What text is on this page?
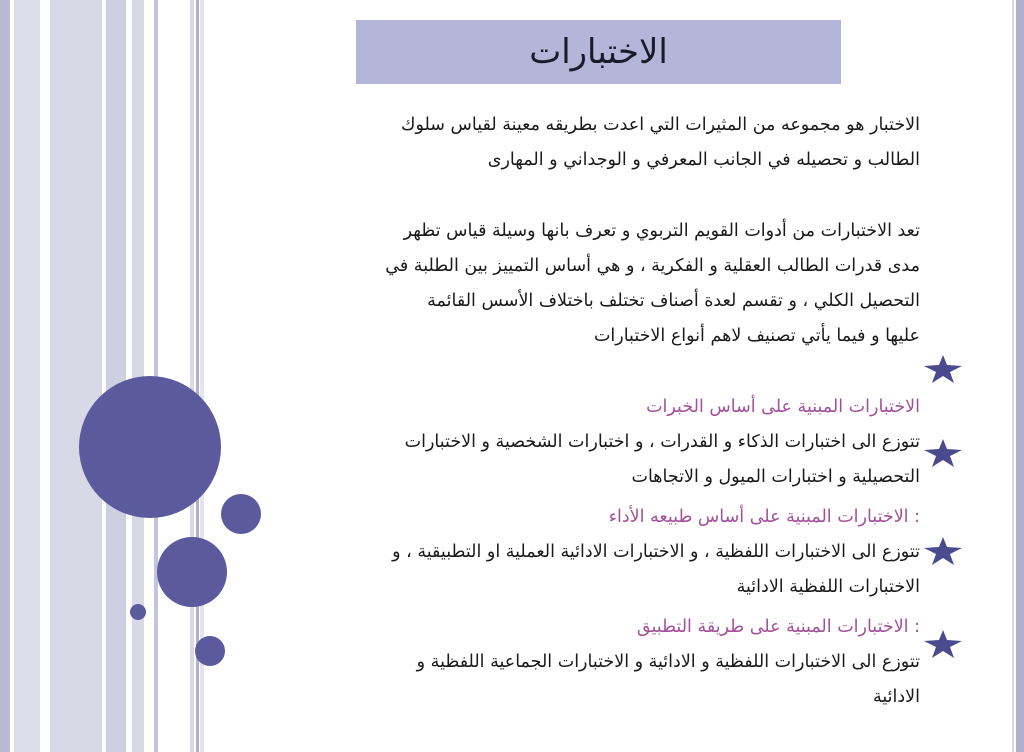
الاختبارات

الاختبار هو مجموعه من المثيرات التي اعدت بطريقه معينة لقياس سلوك

الطالب و تحصيله في الجانب المعرفي و الوجداني و المهارى

تعد الاختبارات من أدوات القويم التربوي و تعرف بانها وسيلة قياس تظهر

مدى قدرات الطالب العقلية و الفكرية ، و هي أساس التمييز بين الطلبة في

التحصيل الكلي ، و تقسم لعدة أصناف تختلف باختلاف الأسس القائمة

عليها و فيما يأتي تصنيف لاهم أنواع الاختبارات

الاختبارات المبنية على أساس الخبرات

تتوزع الى اختبارات الذكاء و القدرات ، و اختبارات الشخصية و الاختبارات

التحصيلية و اختبارات الميول و الاتجاهات

: الاختبارات المبنية على أساس طبيعه الأداء

تتوزع الى الاختبارات اللفظية ، و الاختبارات الادائية العملية او التطبيقية ، و

الاختبارات اللفظية الادائية

: الاختبارات المبنية على طريقة التطبيق

تتوزع الى الاختبارات اللفظية و الادائية و الاختبارات الجماعية اللفظية و

الادائية
